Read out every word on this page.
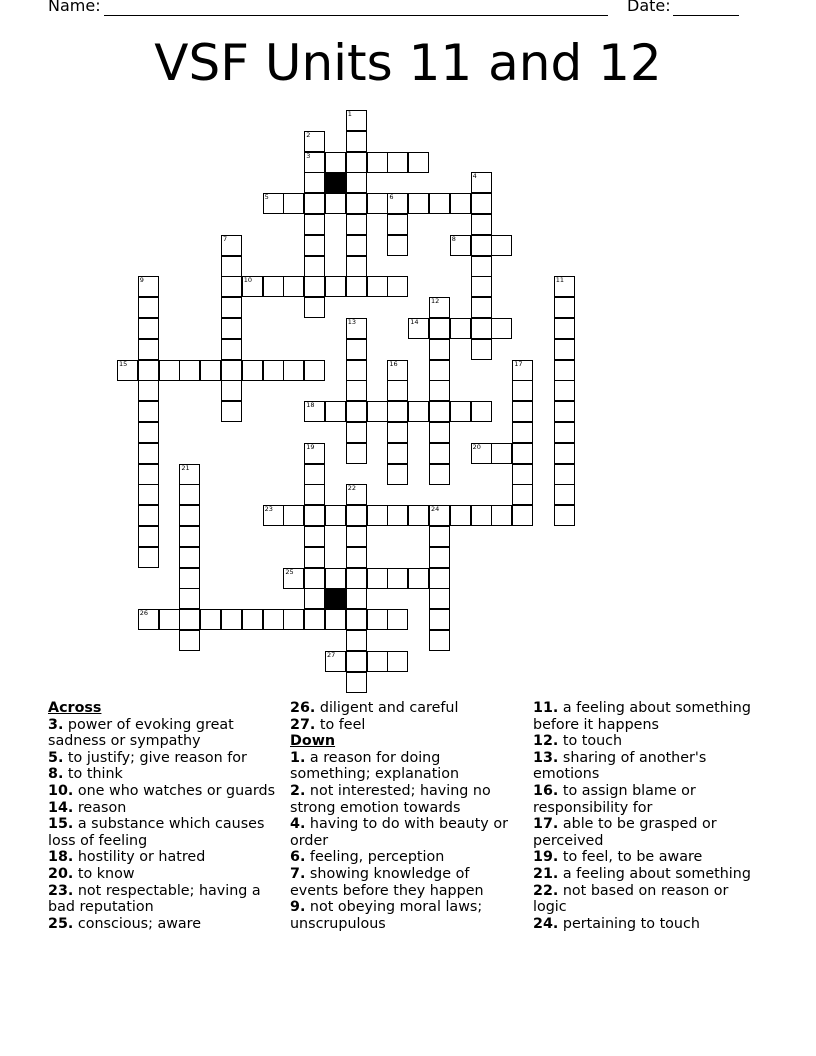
Name:	Date:
VSF Units 11 and 12
3
5	6
8
10
14
15
18
20
23	24
25
26
27
1
2
4
7
9	11
12
13
16	17
19
21
22

Across

3. power of evoking great sadness or sympathy

5. to justify; give reason for

8. to think

10. one who watches or guards

14. reason

15. a substance which causes loss of feeling

18. hostility or hatred

20. to know

23. not respectable; having a bad reputation

25. conscious; aware

26. diligent and careful

27. to feel

Down

1. a reason for doing something; explanation

2. not interested; having no strong emotion towards

4. having to do with beauty or order

6. feeling, perception

7. showing knowledge of events before they happen

9. not obeying moral laws; unscrupulous

11. a feeling about something before it happens

12. to touch

13. sharing of another's emotions

16. to assign blame or responsibility for

17. able to be grasped or perceived

19. to feel, to be aware

21. a feeling about something

22. not based on reason or logic

24. pertaining to touch
